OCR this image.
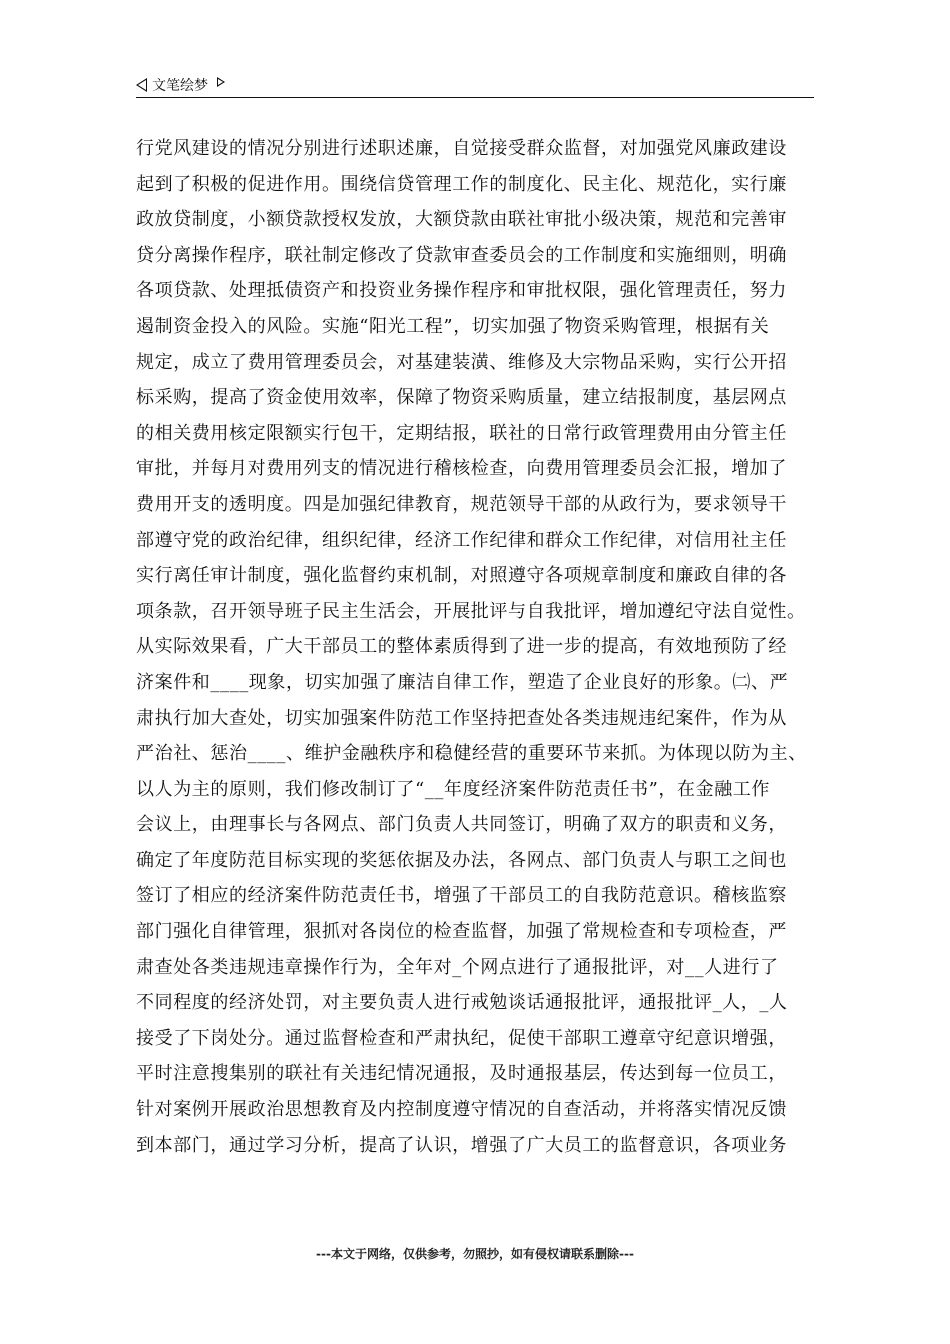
文笔绘梦
行党风建设的情况分别进行述职述廉，自觉接受群众监督，对加强党风廉政建设
起到了积极的促进作用。围绕信贷管理工作的制度化、民主化、规范化，实行廉
政放贷制度，小额贷款授权发放，大额贷款由联社审批小级决策，规范和完善审
贷分离操作程序，联社制定修改了贷款审查委员会的工作制度和实施细则，明确
各项贷款、处理抵债资产和投资业务操作程序和审批权限，强化管理责任，努力
遏制资金投入的风险。实施“阳光工程”，切实加强了物资采购管理，根据有关
规定，成立了费用管理委员会，对基建装潢、维修及大宗物品采购，实行公开招
标采购，提高了资金使用效率，保障了物资采购质量，建立结报制度，基层网点
的相关费用核定限额实行包干，定期结报，联社的日常行政管理费用由分管主任
审批，并每月对费用列支的情况进行稽核检查，向费用管理委员会汇报，增加了
费用开支的透明度。四是加强纪律教育，规范领导干部的从政行为，要求领导干
部遵守党的政治纪律，组织纪律，经济工作纪律和群众工作纪律，对信用社主任
实行离任审计制度，强化监督约束机制，对照遵守各项规章制度和廉政自律的各
项条款，召开领导班子民主生活会，开展批评与自我批评，增加遵纪守法自觉性。
从实际效果看，广大干部员工的整体素质得到了进一步的提高，有效地预防了经
济案件和____现象，切实加强了廉洁自律工作，塑造了企业良好的形象。㈡、严
肃执行加大查处，切实加强案件防范工作坚持把查处各类违规违纪案件，作为从
严治社、惩治____、维护金融秩序和稳健经营的重要环节来抓。为体现以防为主、
以人为主的原则，我们修改制订了“__年度经济案件防范责任书”，在金融工作
会议上，由理事长与各网点、部门负责人共同签订，明确了双方的职责和义务，
确定了年度防范目标实现的奖惩依据及办法，各网点、部门负责人与职工之间也
签订了相应的经济案件防范责任书，增强了干部员工的自我防范意识。稽核监察
部门强化自律管理，狠抓对各岗位的检查监督，加强了常规检查和专项检查，严
肃查处各类违规违章操作行为，全年对_个网点进行了通报批评，对__人进行了
不同程度的经济处罚，对主要负责人进行戒勉谈话通报批评，通报批评_人，_人
接受了下岗处分。通过监督检查和严肃执纪，促使干部职工遵章守纪意识增强，
平时注意搜集别的联社有关违纪情况通报，及时通报基层，传达到每一位员工，
针对案例开展政治思想教育及内控制度遵守情况的自查活动，并将落实情况反馈
到本部门，通过学习分析，提高了认识，增强了广大员工的监督意识，各项业务
---本文于网络，仅供参考，勿照抄，如有侵权请联系删除---
